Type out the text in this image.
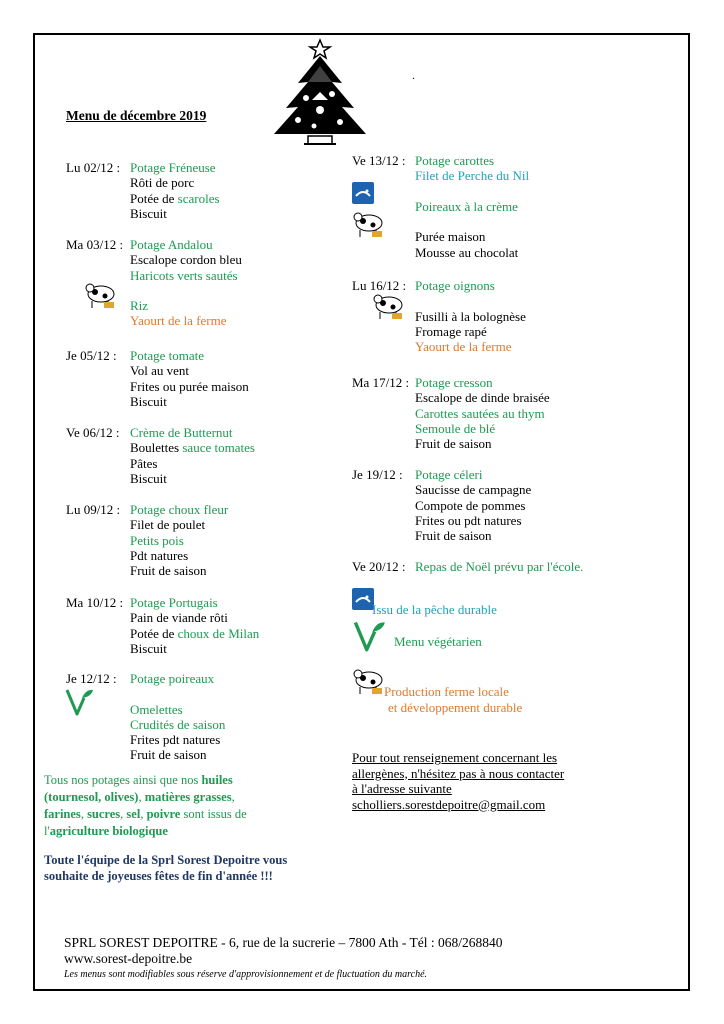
.
Menu de décembre 2019
Lu 02/12 : Potage Fréneuse
Rôti de porc
Potée de scaroles
Biscuit
Ma 03/12 : Potage Andalou
Escalope cordon bleu
Haricots verts sautés
Riz
Yaourt de la ferme
Je 05/12 : Potage tomate
Vol au vent
Frites ou purée maison
Biscuit
Ve 06/12 : Crème de Butternut
Boulettes sauce tomates
Pâtes
Biscuit
Lu 09/12 : Potage choux fleur
Filet de poulet
Petits pois
Pdt natures
Fruit de saison
Ma 10/12 : Potage Portugais
Pain de viande rôti
Potée de choux de Milan
Biscuit
Je 12/12 : Potage poireaux
Omelettes
Crudités de saison
Frites pdt natures
Fruit de saison
Ve 13/12 : Potage carottes
Filet de Perche du Nil
Poireaux à la crème
Purée maison
Mousse au chocolat
Lu 16/12 : Potage oignons
Fusilli à la bolognèse
Fromage rapé
Yaourt de la ferme
Ma 17/12 : Potage cresson
Escalope de dinde braisée
Carottes sautées au thym
Semoule de blé
Fruit de saison
Je 19/12 : Potage céleri
Saucisse de campagne
Compote de pommes
Frites ou pdt natures
Fruit de saison
Ve 20/12 : Repas de Noël prévu par l'école.
Issu de la pêche durable
Menu végétarien
Production ferme locale
et développement durable
Tous nos potages ainsi que nos huiles (tournesol, olives), matières grasses, farines, sucres, sel, poivre sont issus de l'agriculture biologique
Toute l'équipe de la Sprl Sorest Depoitre vous souhaite de joyeuses fêtes de fin d'année !!!
Pour tout renseignement concernant les
allergènes, n'hésitez pas à nous contacter
à l'adresse suivante
scholliers.sorestdepoitre@gmail.com
SPRL SOREST DEPOITRE - 6, rue de la sucrerie – 7800 Ath - Tél : 068/268840
www.sorest-depoitre.be
Les menus sont modifiables sous réserve d'approvisionnement et de fluctuation du marché.
